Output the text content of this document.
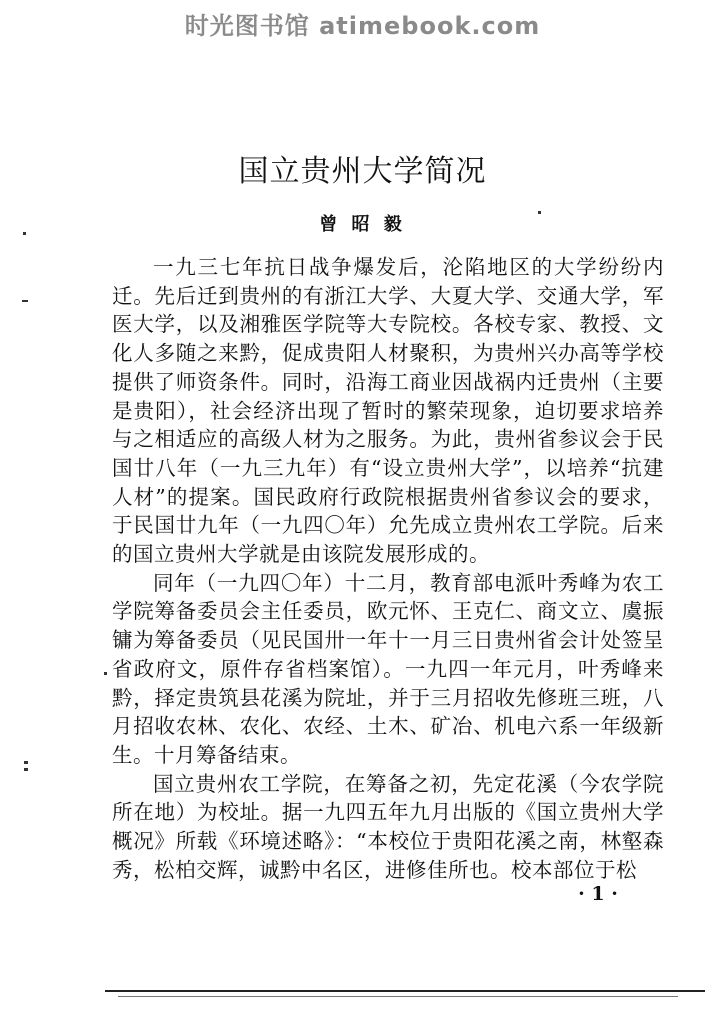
时光图书馆 atimebook.com
国立贵州大学简况
曾 昭 毅

一九三七年抗日战争爆发后，沦陷地区的大学纷纷内迁。先后迁到贵州的有浙江大学、大夏大学、交通大学，军医大学，以及湘雅医学院等大专院校。各校专家、教授、文化人多随之来黔，促成贵阳人材聚积，为贵州兴办高等学校提供了师资条件。同时，沿海工商业因战祸内迁贵州（主要是贵阳），社会经济出现了暂时的繁荣现象，迫切要求培养与之相适应的高级人材为之服务。为此，贵州省参议会于民国廿八年（一九三九年）有“设立贵州大学”，以培养“抗建人材”的提案。国民政府行政院根据贵州省参议会的要求，于民国廿九年（一九四〇年）允先成立贵州农工学院。后来的国立贵州大学就是由该院发展形成的。

同年（一九四〇年）十二月，教育部电派叶秀峰为农工学院筹备委员会主任委员，欧元怀、王克仁、商文立、虞振镛为筹备委员（见民国卅一年十一月三日贵州省会计处签呈省政府文，原件存省档案馆）。一九四一年元月，叶秀峰来黔，择定贵筑县花溪为院址，并于三月招收先修班三班，八月招收农林、农化、农经、土木、矿冶、机电六系一年级新生。十月筹备结束。

国立贵州农工学院，在筹备之初，先定花溪（今农学院所在地）为校址。据一九四五年九月出版的《国立贵州大学概况》所载《环境述略》：“本校位于贵阳花溪之南，林壑森秀，松柏交辉，诚黔中名区，进修佳所也。校本部位于松

· 1 ·
